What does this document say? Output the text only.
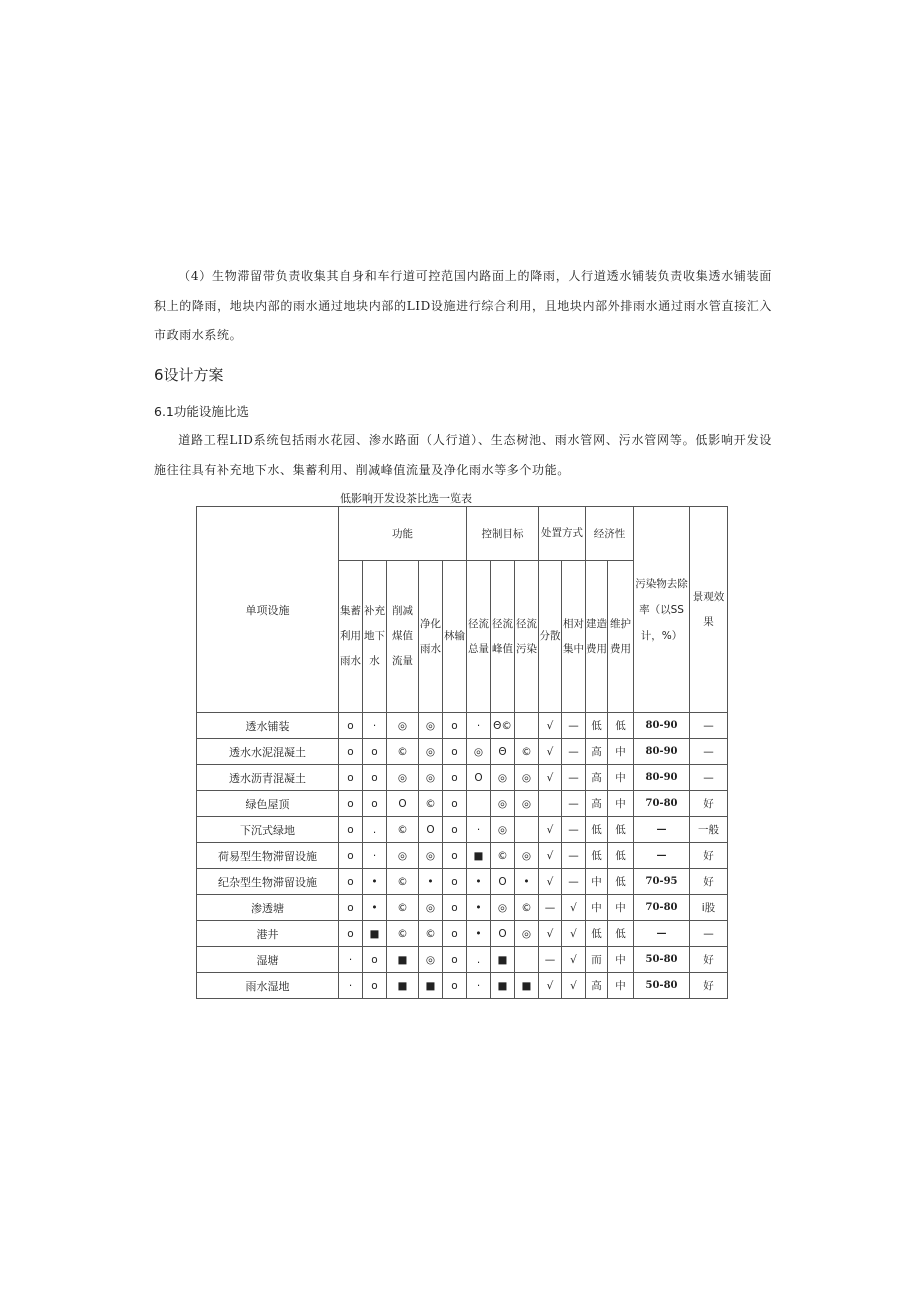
（4）生物滞留带负责收集其自身和车行道可控范国内路面上的降雨，人行道透水铺装负责收集透水铺装面积上的降雨，地块内部的雨水通过地块内部的LID设施进行综合利用，且地块内部外排雨水通过雨水管直接汇入市政雨水系统。
6设计方案
6.1功能设施比选
道路工程LID系统包括雨水花园、渗水路面（人行道）、生态树池、雨水管网、污水管网等。低影响开发设施往往具有补充地下水、集蓄利用、削减峰值流量及净化雨水等多个功能。
低影响开发设茶比选一览表
单项设施	功能					控制目标			处置方式		经济性		污染物去除率（以SS计，%）	景观效果
	集蓄利用雨水	补充地下水	削减煤值流量	净化雨水	林输	径流总量	径流峰值	径流污染	分散	相对集中	建造费用	维护费用		
透水铺装	o	·	◎	◎	o	·	Θ©		√	—	低	低	80-90	—
透水水泥混凝土	o	o	©	◎	o	◎	Θ	©	√	—	高	中	80-90	—
透水沥青混凝土	o	o	◎	◎	o	O	◎	◎	√	—	高	中	80-90	—
绿色屋顶	o	o	O	©	o		◎	◎		—	高	中	70-80	好
下沉式绿地	o	.	©	O	o	·	◎		√	—	低	低	—	一般
荷易型生物滞留设施	o	·	◎	◎	o	■	©	◎	√	—	低	低	—	好
纪杂型生物滞留设施	o	•	©	•	o	•	O	•	√	—	中	低	70-95	好
渗透塘	o	•	©	◎	o	•	◎	©	—	√	中	中	70-80	i股
港井	o	■	©	©	o	•	O	◎	√	√	低	低	—	—
湿塘	·	o	■	◎	o	.	■		—	√	而	中	50-80	好
雨水湿地	·	o	■	■	o	·	■	■	√	√	高	中	50-80	好
